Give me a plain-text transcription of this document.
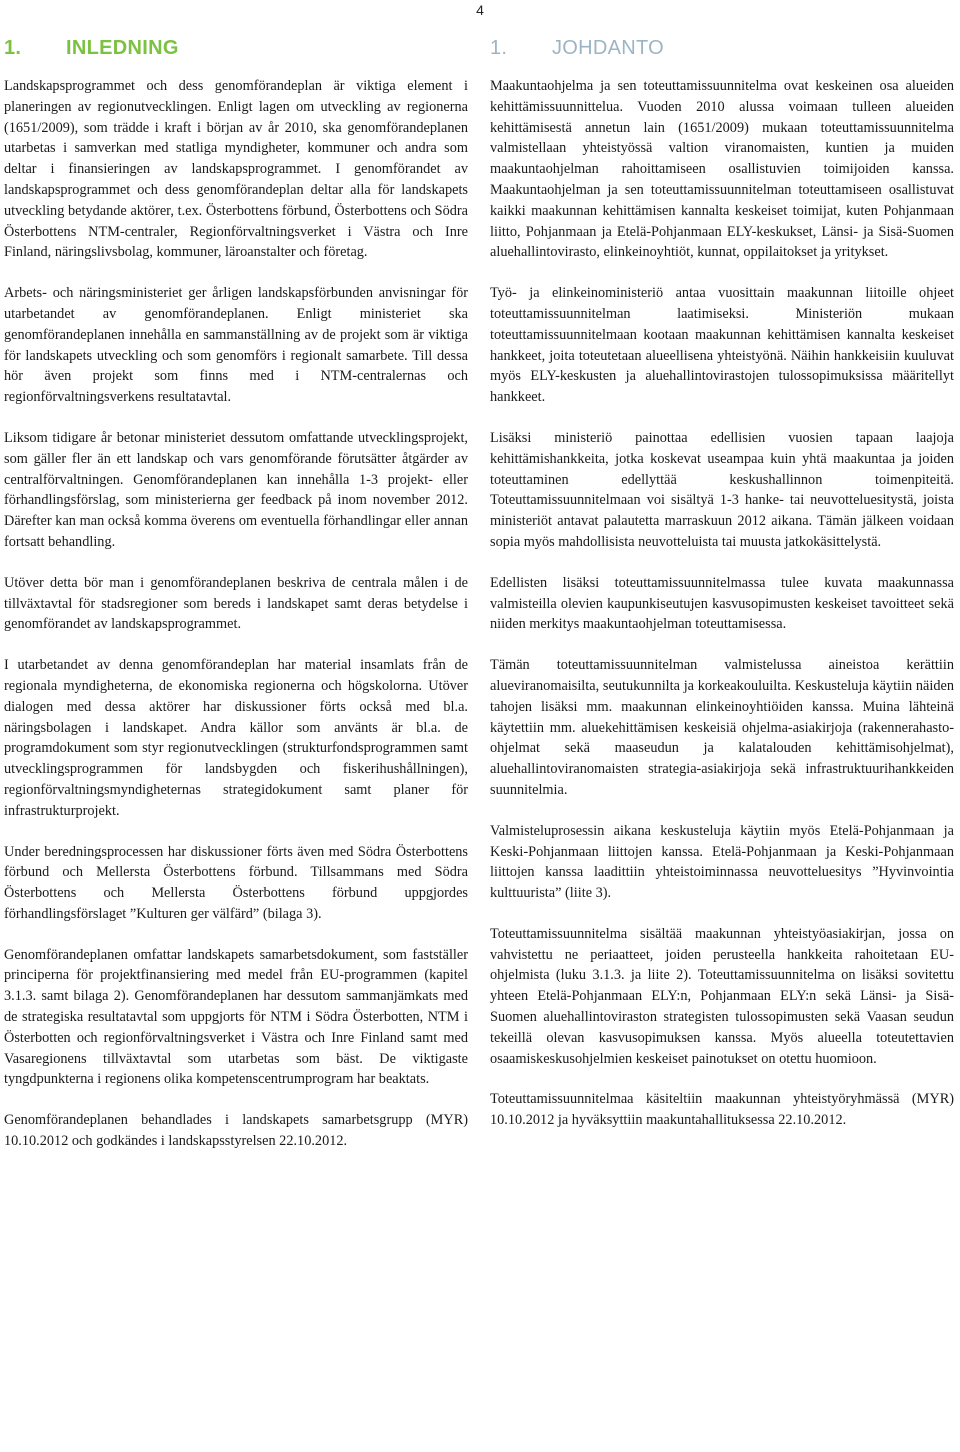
4
1. INLEDNING

Landskapsprogrammet och dess genomförandeplan är viktiga element i planeringen av regionutvecklingen. Enligt lagen om utveckling av regionerna (1651/2009), som trädde i kraft i början av år 2010, ska genomförandeplanen utarbetas i samverkan med statliga myndigheter, kommuner och andra som deltar i finansieringen av landskapsprogrammet. I genomförandet av landskapsprogrammet och dess genomförandeplan deltar alla för landskapets utveckling betydande aktörer, t.ex. Österbottens förbund, Österbottens och Södra Österbottens NTM-centraler, Regionförvaltningsverket i Västra och Inre Finland, näringslivsbolag, kommuner, läroanstalter och företag.

Arbets- och näringsministeriet ger årligen landskapsförbunden anvisningar för utarbetandet av genomförandeplanen. Enligt ministeriet ska genomförandeplanen innehålla en sammanställning av de projekt som är viktiga för landskapets utveckling och som genomförs i regionalt samarbete. Till dessa hör även projekt som finns med i NTM-centralernas och regionförvaltningsverkens resultatavtal.

Liksom tidigare år betonar ministeriet dessutom omfattande utvecklingsprojekt, som gäller fler än ett landskap och vars genomförande förutsätter åtgärder av centralförvaltningen. Genomförandeplanen kan innehålla 1-3 projekt- eller förhandlingsförslag, som ministerierna ger feedback på inom november 2012. Därefter kan man också komma överens om eventuella förhandlingar eller annan fortsatt behandling.

Utöver detta bör man i genomförandeplanen beskriva de centrala målen i de tillväxtavtal för stadsregioner som bereds i landskapet samt deras betydelse i genomförandet av landskapsprogrammet.

I utarbetandet av denna genomförandeplan har material insamlats från de regionala myndigheterna, de ekonomiska regionerna och högskolorna. Utöver dialogen med dessa aktörer har diskussioner förts också med bl.a. näringsbolagen i landskapet. Andra källor som använts är bl.a. de programdokument som styr regionutvecklingen (strukturfondsprogrammen samt utvecklingsprogrammen för landsbygden och fiskerihushållningen), regionförvaltningsmyndigheternas strategidokument samt planer för infrastrukturprojekt.

Under beredningsprocessen har diskussioner förts även med Södra Österbottens förbund och Mellersta Österbottens förbund. Tillsammans med Södra Österbottens och Mellersta Österbottens förbund uppgjordes förhandlingsförslaget ”Kulturen ger välfärd” (bilaga 3).

Genomförandeplanen omfattar landskapets samarbetsdokument, som fastställer principerna för projektfinansiering med medel från EU-programmen (kapitel 3.1.3. samt bilaga 2). Genomförandeplanen har dessutom sammanjämkats med de strategiska resultatavtal som uppgjorts för NTM i Södra Österbotten, NTM i Österbotten och regionförvaltningsverket i Västra och Inre Finland samt med Vasaregionens tillväxtavtal som utarbetas som bäst. De viktigaste tyngdpunkterna i regionens olika kompetenscentrumprogram har beaktats.

Genomförandeplanen behandlades i landskapets samarbetsgrupp (MYR) 10.10.2012 och godkändes i landskapsstyrelsen 22.10.2012.

1. JOHDANTO

Maakuntaohjelma ja sen toteuttamissuunnitelma ovat keskeinen osa alueiden kehittämissuunnittelua. Vuoden 2010 alussa voimaan tulleen alueiden kehittämisestä annetun lain (1651/2009) mukaan toteuttamissuunnitelma valmistellaan yhteistyössä valtion viranomaisten, kuntien ja muiden maakuntaohjelman rahoittamiseen osallistuvien toimijoiden kanssa. Maakuntaohjelman ja sen toteuttamissuunnitelman toteuttamiseen osallistuvat kaikki maakunnan kehittämisen kannalta keskeiset toimijat, kuten Pohjanmaan liitto, Pohjanmaan ja Etelä-Pohjanmaan ELY-keskukset, Länsi- ja Sisä-Suomen aluehallintovirasto, elinkeinoyhtiöt, kunnat, oppilaitokset ja yritykset.

Työ- ja elinkeinoministeriö antaa vuosittain maakunnan liitoille ohjeet toteuttamissuunnitelman laatimiseksi. Ministeriön mukaan toteuttamissuunnitelmaan kootaan maakunnan kehittämisen kannalta keskeiset hankkeet, joita toteutetaan alueellisena yhteistyönä. Näihin hankkeisiin kuuluvat myös ELY-keskusten ja aluehallintovirastojen tulossopimuksissa määritellyt hankkeet.

Lisäksi ministeriö painottaa edellisien vuosien tapaan laajoja kehittämishankkeita, jotka koskevat useampaa kuin yhtä maakuntaa ja joiden toteuttaminen edellyttää keskushallinnon toimenpiteitä. Toteuttamissuunnitelmaan voi sisältyä 1-3 hanke- tai neuvotteluesitystä, joista ministeriöt antavat palautetta marraskuun 2012 aikana. Tämän jälkeen voidaan sopia myös mahdollisista neuvotteluista tai muusta jatkokäsittelystä.

Edellisten lisäksi toteuttamissuunnitelmassa tulee kuvata maakunnassa valmisteilla olevien kaupunkiseutujen kasvusopimusten keskeiset tavoitteet sekä niiden merkitys maakuntaohjelman toteuttamisessa.

Tämän toteuttamissuunnitelman valmistelussa aineistoa kerättiin alueviranomaisilta, seutukunnilta ja korkeakouluilta. Keskusteluja käytiin näiden tahojen lisäksi mm. maakunnan elinkeinoyhtiöiden kanssa. Muina lähteinä käytettiin mm. aluekehittämisen keskeisiä ohjelma-asiakirjoja (rakennerahasto-ohjelmat sekä maaseudun ja kalatalouden kehittämisohjelmat), aluehallintoviranomaisten strategia-asiakirjoja sekä infrastruktuurihankkeiden suunnitelmia.

Valmisteluprosessin aikana keskusteluja käytiin myös Etelä-Pohjanmaan ja Keski-Pohjanmaan liittojen kanssa. Etelä-Pohjanmaan ja Keski-Pohjanmaan liittojen kanssa laadittiin yhteistoiminnassa neuvotteluesitys ”Hyvinvointia kulttuurista” (liite 3).

Toteuttamissuunnitelma sisältää maakunnan yhteistyöasiakirjan, jossa on vahvistettu ne periaatteet, joiden perusteella hankkeita rahoitetaan EU-ohjelmista (luku 3.1.3. ja liite 2). Toteuttamissuunnitelma on lisäksi sovitettu yhteen Etelä-Pohjanmaan ELY:n, Pohjanmaan ELY:n sekä Länsi- ja Sisä-Suomen aluehallintoviraston strategisten tulossopimusten sekä Vaasan seudun tekeillä olevan kasvusopimuksen kanssa. Myös alueella toteutettavien osaamiskeskusohjelmien keskeiset painotukset on otettu huomioon.

Toteuttamissuunnitelmaa käsiteltiin maakunnan yhteistyöryhmässä (MYR) 10.10.2012 ja hyväksyttiin maakuntahallituksessa 22.10.2012.
